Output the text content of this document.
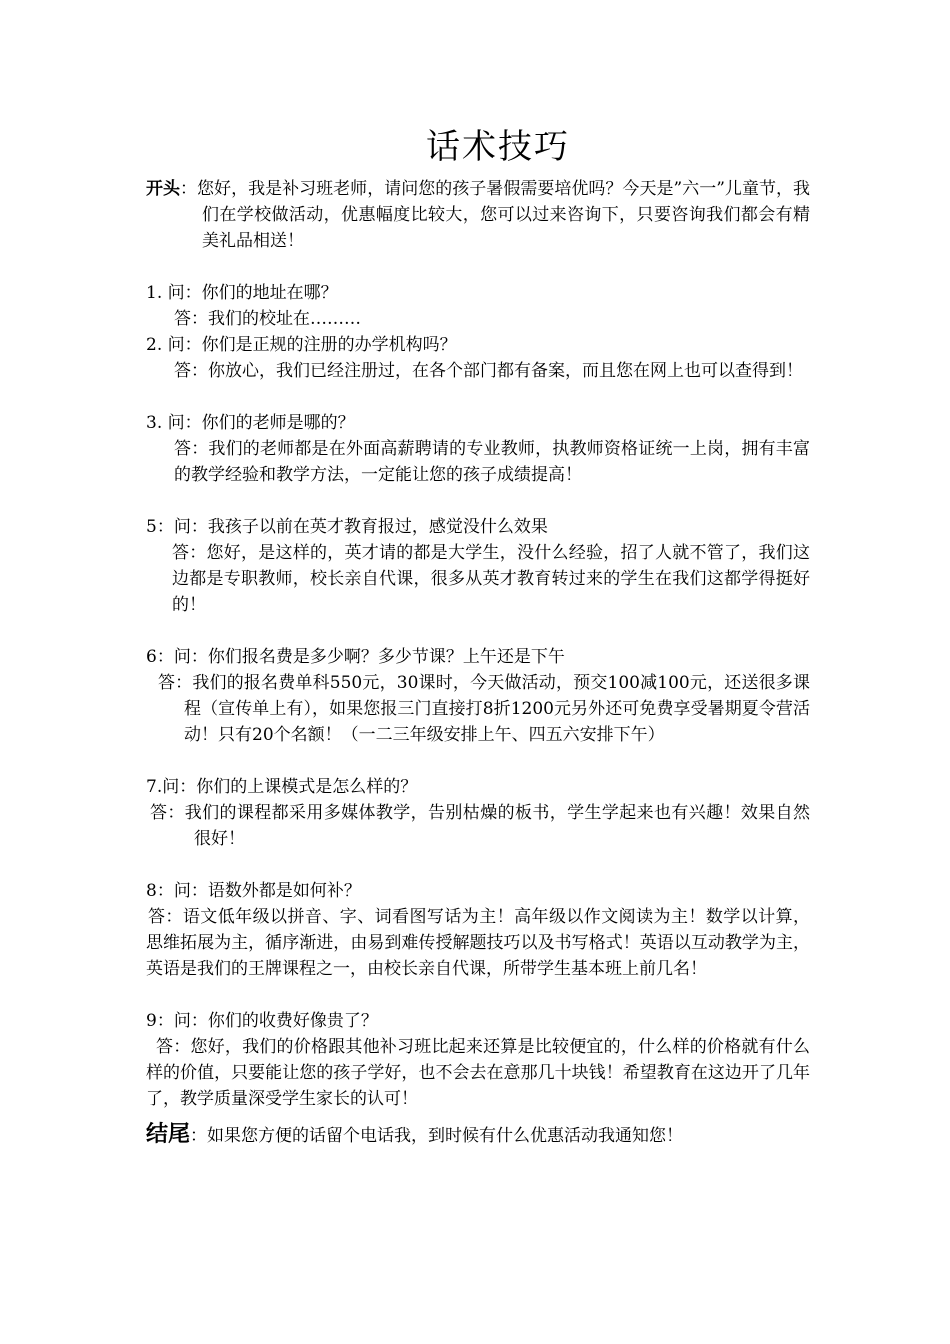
话术技巧

开头：您好，我是补习班老师，请问您的孩子暑假需要培优吗？今天是”六一”儿童节，我们在学校做活动，优惠幅度比较大，您可以过来咨询下，只要咨询我们都会有精美礼品相送！

1. 问：你们的地址在哪？

答：我们的校址在………

2. 问：你们是正规的注册的办学机构吗？

答：你放心，我们已经注册过，在各个部门都有备案，而且您在网上也可以查得到！

3. 问：你们的老师是哪的？

答：我们的老师都是在外面高薪聘请的专业教师，执教师资格证统一上岗，拥有丰富的教学经验和教学方法，一定能让您的孩子成绩提高！

5：问：我孩子以前在英才教育报过，感觉没什么效果

答：您好，是这样的，英才请的都是大学生，没什么经验，招了人就不管了，我们这边都是专职教师，校长亲自代课，很多从英才教育转过来的学生在我们这都学得挺好的！

6：问：你们报名费是多少啊？多少节课？上午还是下午

答：我们的报名费单科550元，30课时，今天做活动，预交100减100元，还送很多课程（宣传单上有），如果您报三门直接打8折1200元另外还可免费享受暑期夏令营活动！只有20个名额！（一二三年级安排上午、四五六安排下午）

7.问：你们的上课模式是怎么样的？

答：我们的课程都采用多媒体教学，告别枯燥的板书，学生学起来也有兴趣！效果自然很好！

8：问：语数外都是如何补？

答：语文低年级以拼音、字、词看图写话为主！高年级以作文阅读为主！数学以计算，思维拓展为主，循序渐进，由易到难传授解题技巧以及书写格式！英语以互动教学为主，英语是我们的王牌课程之一，由校长亲自代课，所带学生基本班上前几名！

9：问：你们的收费好像贵了？

答：您好，我们的价格跟其他补习班比起来还算是比较便宜的，什么样的价格就有什么样的价值，只要能让您的孩子学好，也不会去在意那几十块钱！希望教育在这边开了几年了，教学质量深受学生家长的认可！

结尾：如果您方便的话留个电话我，到时候有什么优惠活动我通知您！
